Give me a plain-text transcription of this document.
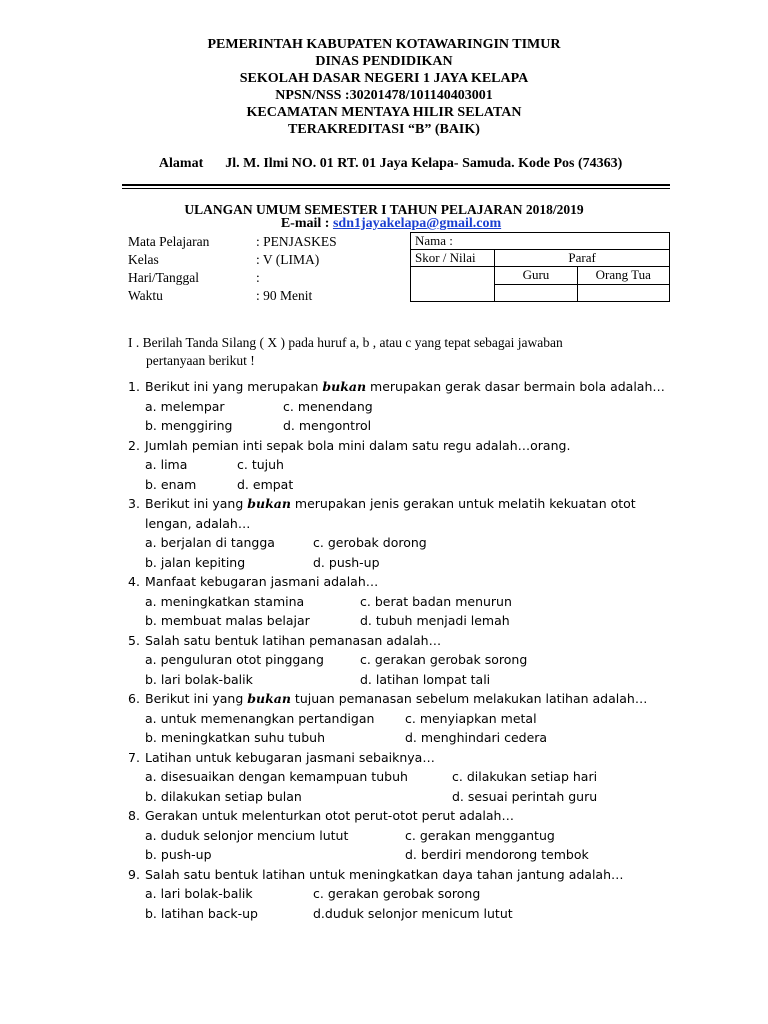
PEMERINTAH KABUPATEN KOTAWARINGIN TIMUR
DINAS PENDIDIKAN
SEKOLAH DASAR NEGERI 1 JAYA KELAPA
NPSN/NSS :30201478/101140403001
KECAMATAN MENTAYA HILIR SELATAN
TERAKREDITASI “B” (BAIK)

Alamat Jl. M. Ilmi NO. 01 RT. 01 Jaya Kelapa- Samuda. Kode Pos (74363)

E-mail : sdn1jayakelapa@gmail.com

ULANGAN UMUM SEMESTER I TAHUN PELAJARAN 2018/2019
Mata Pelajaran	: PENJASKES
Kelas	: V (LIMA)
Hari/Tanggal	:
Waktu	: 90 Menit
Nama :		
Skor / Nilai	Paraf	
	Guru	Orang Tua

I . Berilah Tanda Silang ( X ) pada huruf a, b , atau c yang tepat sebagai jawaban
pertanyaan berikut !
1. Berikut ini yang merupakan bukan merupakan gerak dasar bermain bola adalah…
a. melempar	c. menendang
b. menggiring	d. mengontrol
2. Jumlah pemian inti sepak bola mini dalam satu regu adalah…orang.
a. lima	c. tujuh
b. enam	d. empat
3. Berikut ini yang bukan merupakan jenis gerakan untuk melatih kekuatan otot
lengan, adalah…
a. berjalan di tangga	c. gerobak dorong
b. jalan kepiting	d. push-up
4. Manfaat kebugaran jasmani adalah…
a. meningkatkan stamina	c. berat badan menurun
b. membuat malas belajar	d. tubuh menjadi lemah
5. Salah satu bentuk latihan pemanasan adalah…
a. penguluran otot pinggang	c. gerakan gerobak sorong
b. lari bolak-balik	d. latihan lompat tali
6. Berikut ini yang bukan tujuan pemanasan sebelum melakukan latihan adalah…
a. untuk memenangkan pertandigan c. menyiapkan metal
b. meningkatkan suhu tubuh	d. menghindari cedera
7. Latihan untuk kebugaran jasmani sebaiknya…
a. disesuaikan dengan kemampuan tubuh	c. dilakukan setiap hari
b. dilakukan setiap bulan	d. sesuai perintah guru
8. Gerakan untuk melenturkan otot perut-otot perut adalah…
a. duduk selonjor mencium lutut	c. gerakan menggantug
b. push-up	d. berdiri mendorong tembok
9. Salah satu bentuk latihan untuk meningkatkan daya tahan jantung adalah…
a. lari bolak-balik	c. gerakan gerobak sorong
b. latihan back-up	d.duduk selonjor menicum lutut
